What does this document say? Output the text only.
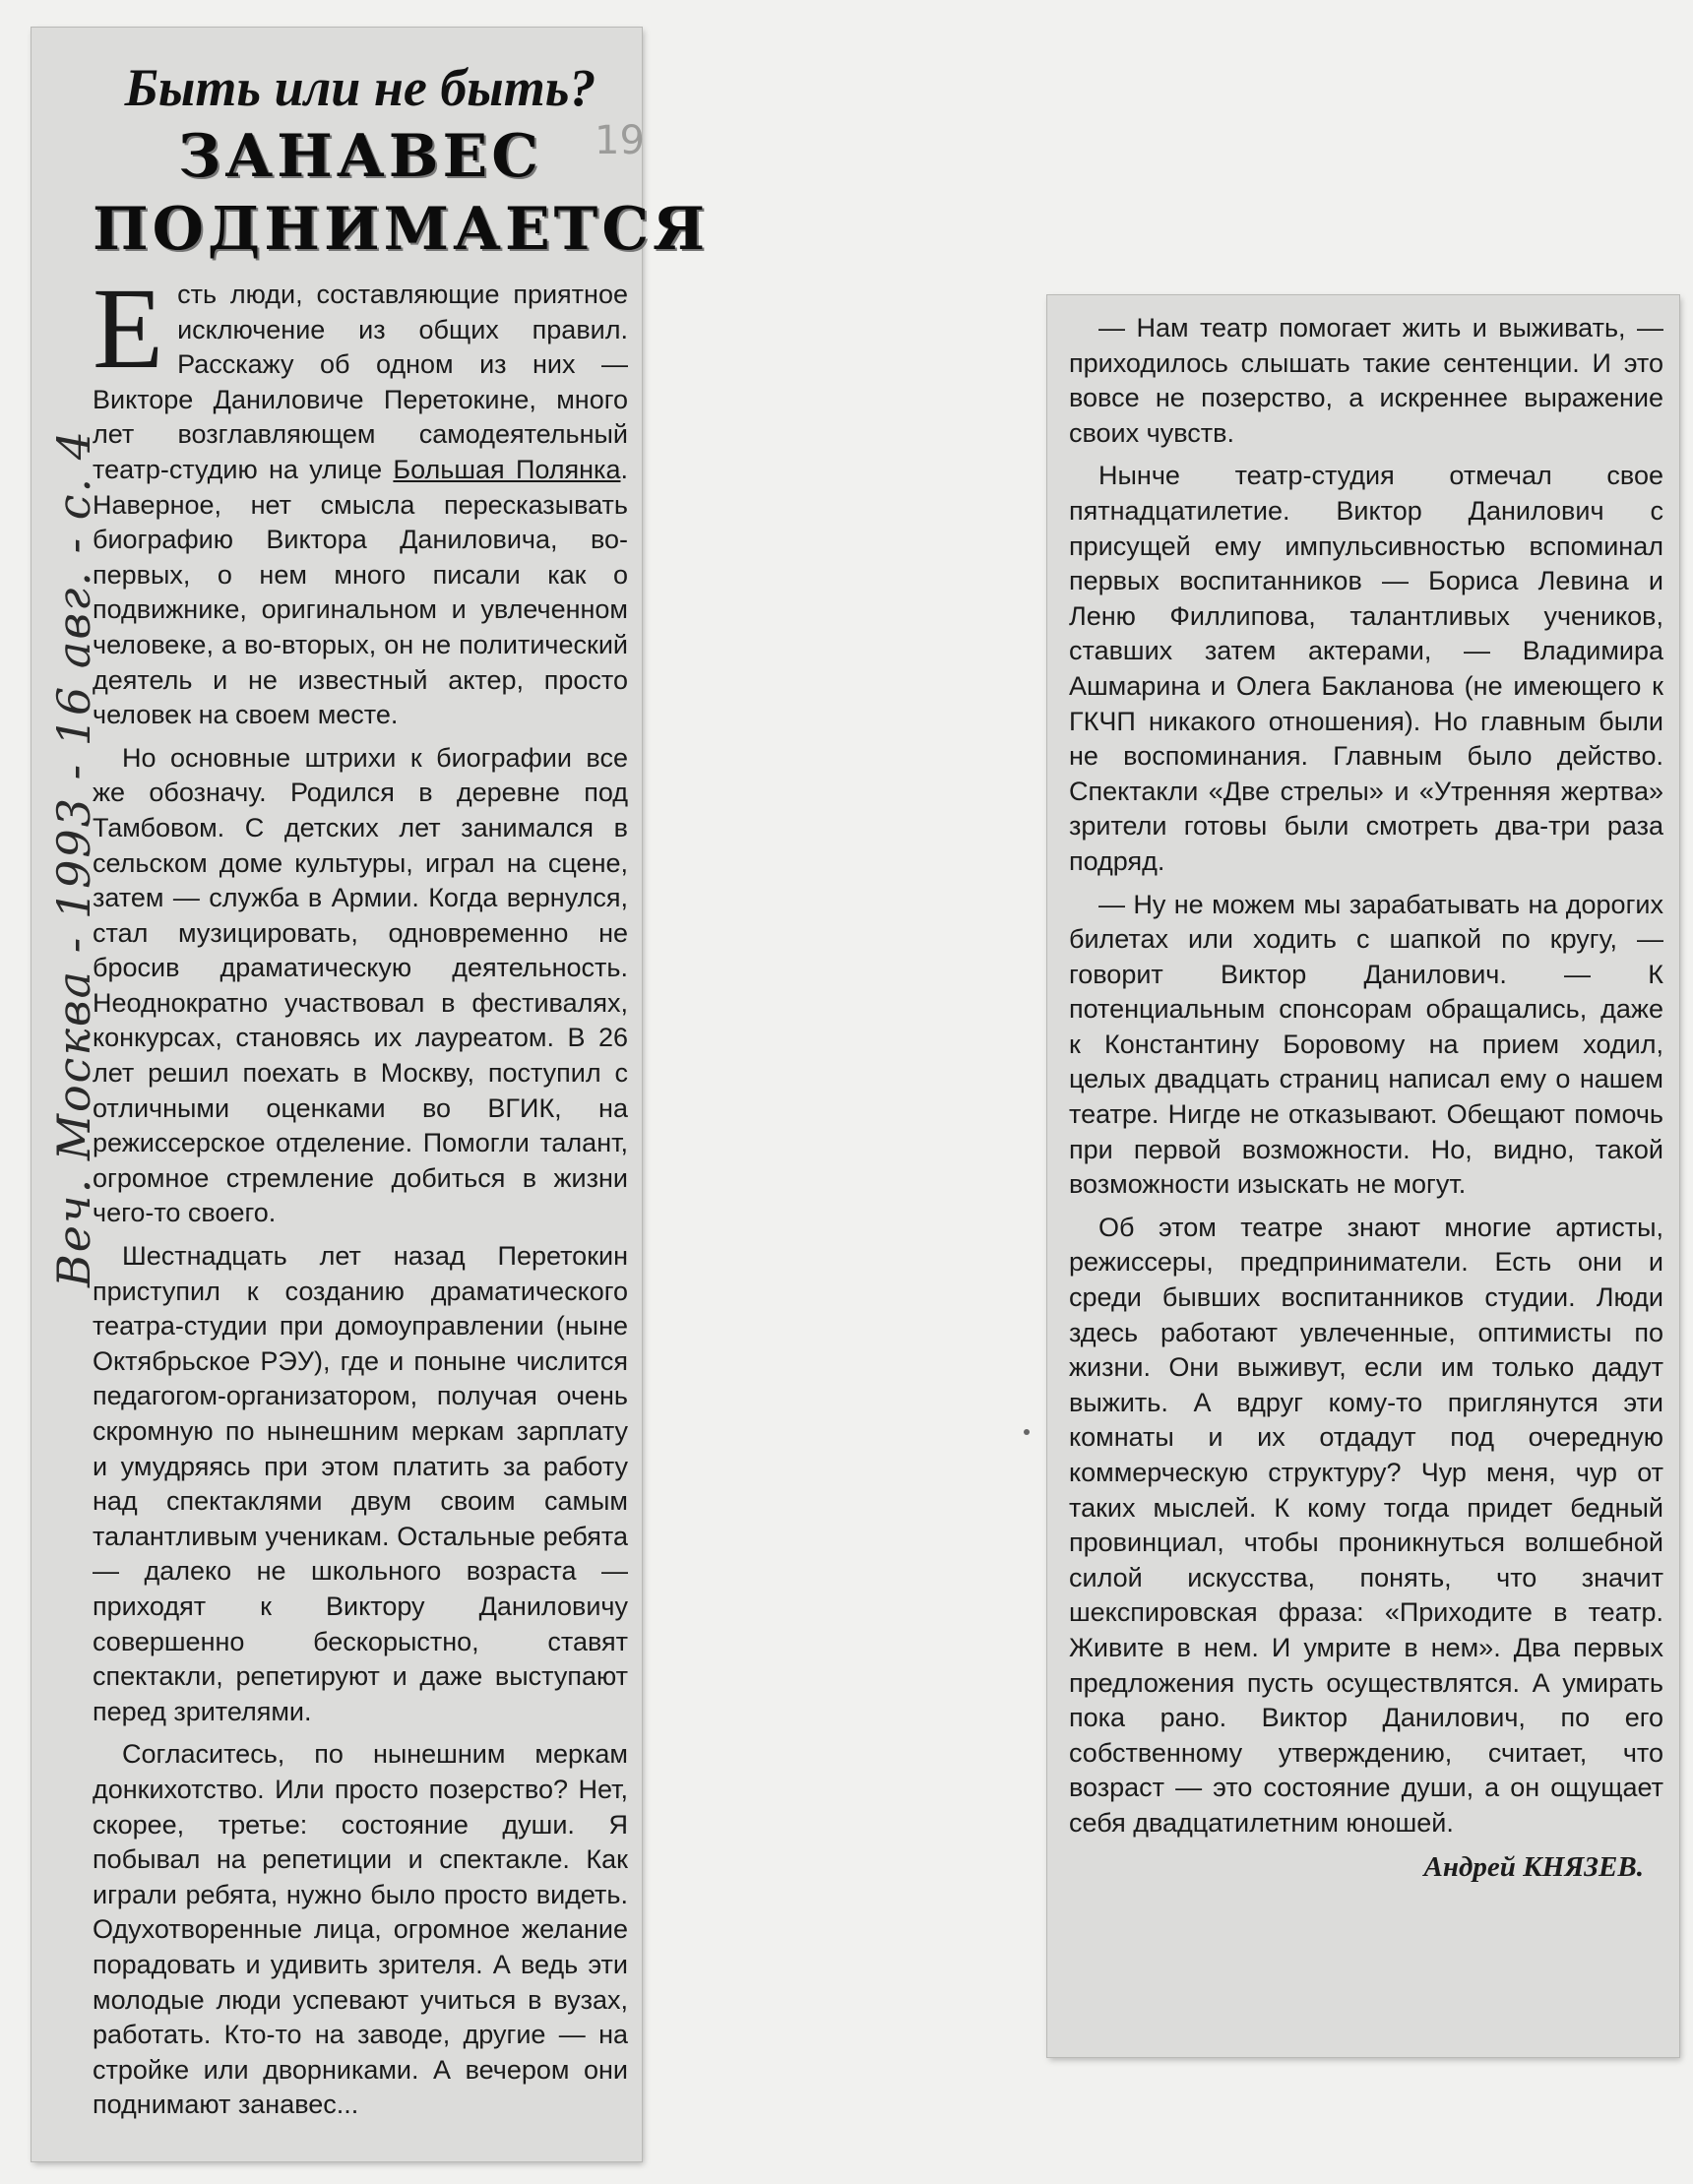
Быть или не быть?
ЗАНАВЕС
ПОДНИМАЕТСЯ

Есть люди, составляющие приятное исключение из общих правил. Расскажу об одном из них — Викторе Даниловиче Перетокине, много лет возглавляющем самодеятельный театр-студию на улице Большая Полянка. Наверное, нет смысла пересказывать биографию Виктора Даниловича, во-первых, о нем много писали как о подвижнике, оригинальном и увлеченном человеке, а во-вторых, он не политический деятель и не известный актер, просто человек на своем месте.

Но основные штрихи к биографии все же обозначу. Родился в деревне под Тамбовом. С детских лет занимался в сельском доме культуры, играл на сцене, затем — служба в Армии. Когда вернулся, стал музицировать, одновременно не бросив драматическую деятельность. Неоднократно участвовал в фестивалях, конкурсах, становясь их лауреатом. В 26 лет решил поехать в Москву, поступил с отличными оценками во ВГИК, на режиссерское отделение. Помогли талант, огромное стремление добиться в жизни чего-то своего.

Шестнадцать лет назад Перетокин приступил к созданию драматического театра-студии при домоуправлении (ныне Октябрьское РЭУ), где и поныне числится педагогом-организатором, получая очень скромную по нынешним меркам зарплату и умудряясь при этом платить за работу над спектаклями двум своим самым талантливым ученикам. Остальные ребята — далеко не школьного возраста — приходят к Виктору Даниловичу совершенно бескорыстно, ставят спектакли, репетируют и даже выступают перед зрителями.

Согласитесь, по нынешним меркам донкихотство. Или просто позерство? Нет, скорее, третье: состояние души. Я побывал на репетиции и спектакле. Как играли ребята, нужно было просто видеть. Одухотворенные лица, огромное желание порадовать и удивить зрителя. А ведь эти молодые люди успевают учиться в вузах, работать. Кто-то на заводе, другие — на стройке или дворниками. А вечером они поднимают занавес...

Веч. Москва - 1993 - 16 авг. - с. 4
19

— Нам театр помогает жить и выживать, — приходилось слышать такие сентенции. И это вовсе не позерство, а искреннее выражение своих чувств.

Нынче театр-студия отмечал свое пятнадцатилетие. Виктор Данилович с присущей ему импульсивностью вспоминал первых воспитанников — Бориса Левина и Леню Филлипова, талантливых учеников, ставших затем актерами, — Владимира Ашмарина и Олега Бакланова (не имеющего к ГКЧП никакого отношения). Но главным были не воспоминания. Главным было действо. Спектакли «Две стрелы» и «Утренняя жертва» зрители готовы были смотреть два-три раза подряд.

— Ну не можем мы зарабатывать на дорогих билетах или ходить с шапкой по кругу, — говорит Виктор Данилович. — К потенциальным спонсорам обращались, даже к Константину Боровому на прием ходил, целых двадцать страниц написал ему о нашем театре. Нигде не отказывают. Обещают помочь при первой возможности. Но, видно, такой возможности изыскать не могут.

Об этом театре знают многие артисты, режиссеры, предприниматели. Есть они и среди бывших воспитанников студии. Люди здесь работают увлеченные, оптимисты по жизни. Они выживут, если им только дадут выжить. А вдруг кому-то приглянутся эти комнаты и их отдадут под очередную коммерческую структуру? Чур меня, чур от таких мыслей. К кому тогда придет бедный провинциал, чтобы проникнуться волшебной силой искусства, понять, что значит шекспировская фраза: «Приходите в театр. Живите в нем. И умрите в нем». Два первых предложения пусть осуществлятся. А умирать пока рано. Виктор Данилович, по его собственному утверждению, считает, что возраст — это состояние души, а он ощущает себя двадцатилетним юношей.

Андрей КНЯЗЕВ.
